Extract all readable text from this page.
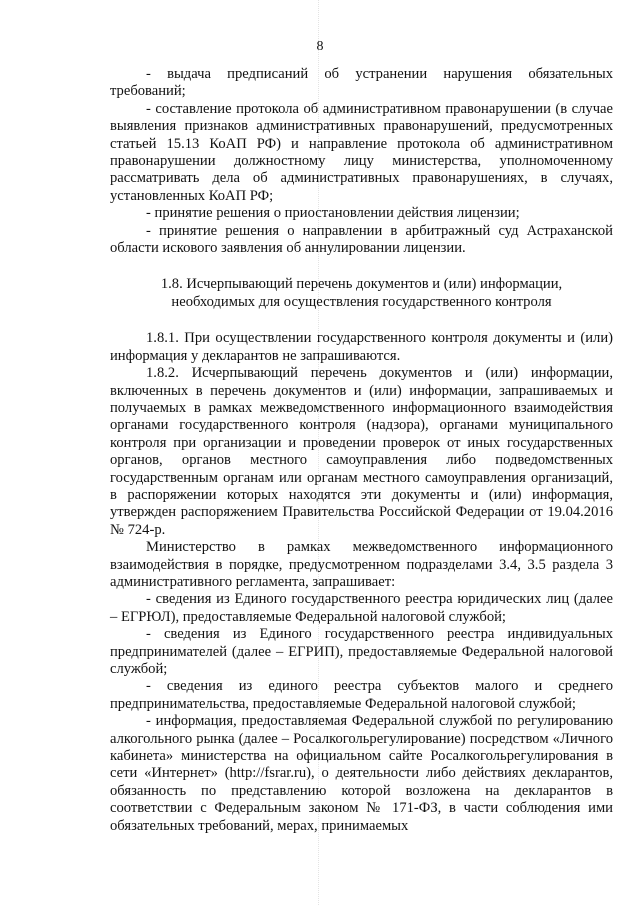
8

- выдача предписаний об устранении нарушения обязательных требований;

- составление протокола об административном правонарушении (в случае выявления признаков административных правонарушений, предусмотренных статьей 15.13 КоАП РФ) и направление протокола об административном правонарушении должностному лицу министерства, уполномоченному рассматривать дела об административных правонарушениях, в случаях, установленных КоАП РФ;

- принятие решения о приостановлении действия лицензии;

- принятие решения о направлении в арбитражный суд Астраханской области искового заявления об аннулировании лицензии.

1.8. Исчерпывающий перечень документов и (или) информации,
необходимых для осуществления государственного контроля

1.8.1. При осуществлении государственного контроля документы и (или) информация у декларантов не запрашиваются.

1.8.2. Исчерпывающий перечень документов и (или) информации, включенных в перечень документов и (или) информации, запрашиваемых и получаемых в рамках межведомственного информационного взаимодействия органами государственного контроля (надзора), органами муниципального контроля при организации и проведении проверок от иных государственных органов, органов местного самоуправления либо подведомственных государственным органам или органам местного самоуправления организаций, в распоряжении которых находятся эти документы и (или) информация, утвержден распоряжением Правительства Российской Федерации от 19.04.2016 № 724-р.

Министерство в рамках межведомственного информационного взаимодействия в порядке, предусмотренном подразделами 3.4, 3.5 раздела 3 административного регламента, запрашивает:

- сведения из Единого государственного реестра юридических лиц (далее – ЕГРЮЛ), предоставляемые Федеральной налоговой службой;

- сведения из Единого государственного реестра индивидуальных предпринимателей (далее – ЕГРИП), предоставляемые Федеральной налоговой службой;

- сведения из единого реестра субъектов малого и среднего предпринимательства, предоставляемые Федеральной налоговой службой;

- информация, предоставляемая Федеральной службой по регулированию алкогольного рынка (далее – Росалкогольрегулирование) посредством «Личного кабинета» министерства на официальном сайте Росалкогольрегулирования в сети «Интернет» (http://fsrar.ru), о деятельности либо действиях декларантов, обязанность по представлению которой возложена на декларантов в соответствии с Федеральным законом № 171-ФЗ, в части соблюдения ими обязательных требований, мерах, принимаемых
